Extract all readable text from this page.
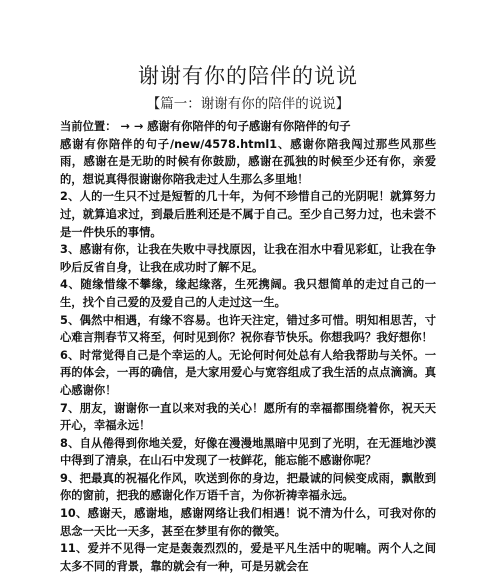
谢谢有你的陪伴的说说
【篇一：谢谢有你的陪伴的说说】

当前位置： → → 感谢有你陪伴的句子感谢有你陪伴的句子

感谢有你陪伴的句子/new/4578.html1、感谢你陪我闯过那些风那些雨，感谢在是无助的时候有你鼓励，感谢在孤独的时候至少还有你，亲爱的，想说真得很谢谢你陪我走过人生那么多里地！

2、人的一生只不过是短暂的几十年，为何不珍惜自己的光阴呢！就算努力过，就算追求过，到最后胜利还是不属于自己。至少自己努力过，也未尝不是一件快乐的事情。

3、感谢有你，让我在失败中寻找原因，让我在泪水中看见彩虹，让我在争吵后反省自身，让我在成功时了解不足。

4、随缘惜缘不攀缘，缘起缘落，生死携阔。我只想简单的走过自己的一生，找个自己爱的及爱自己的人走过这一生。

5、偶然中相遇，有缘不容易。也许天注定，错过多可惜。明知相思苦，寸心难言荆春节又将至，何时见到你？祝你春节快乐。你想我吗？我好想你！

6、时常觉得自己是个幸运的人。无论何时何处总有人给我帮助与关怀。一再的体会，一再的确信，是大家用爱心与宽容组成了我生活的点点滴滴。真心感谢你！

7、朋友，谢谢你一直以来对我的关心！愿所有的幸福都围绕着你，祝天天开心，幸福永远！

8、自从倦得到你地关爱，好像在漫漫地黑暗中见到了光明，在无涯地沙漠中得到了清泉，在山石中发现了一枝鲜花，能忘能不感谢你呢？

9、把最真的祝福化作风，吹送到你的身边，把最诚的问候变成雨，飘散到你的窗前，把我的感谢化作万语千言，为你祈祷幸福永远。

10、感谢天，感谢地，感谢网络让我们相遇！说不清为什么，可我对你的思念一天比一天多，甚至在梦里有你的微笑。

11、爱并不见得一定是轰轰烈烈的，爱是平凡生活中的呢喃。两个人之间太多不同的背景，靠的就会有一种，可是另就会在
